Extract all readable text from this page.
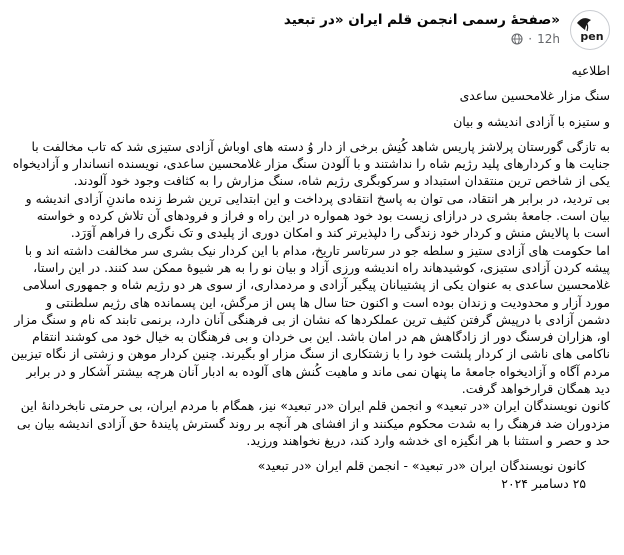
pen
«صفحهٔ رسمی انجمن قلم ایران «در تبعید
12h
·

اطلاعیه

سنگ مزار غلامحسین ساعدی

و ستیزه با آزادی اندیشه و بیان

به تازگی گورستان پرلاشز پاریس شاهد کُنِش برخی از دار وُ دسته های اوباش آزادی ستیزی شد که تاب مخالفت با جنایت ها و کردارهای پلید رژیم شاه را نداشتند و با آلودن سنگ مزار غلامحسین ساعدی، نویسنده انساندار و آزادیخواه یکی از شاخص ترین منتقدان استبداد و سرکوبگری رژیم شاه، سنگ مزارش را به کثافت وجود خود آلودند.

بی تردید، در برابر هر انتقاد، می توان به پاسخ انتقادی پرداخت و این ابتدایی ترین شرط زنده ماندنِ آزادی اندیشه و بیان است. جامعهٔ بشری در درازای زیست بود خود همواره در این راه و فراز و فرودهای آن تلاش کرده و خواسته است با پالایش منش و کردار خود زندگی را دلپذیرتر کند و امکان دوری از پلیدی و تک نگری را فراهم آوَرَد.

اما حکومت های آزادی ستیز و سلطه جو در سرتاسر تاریخ، مدام با این کردار نیک بشری سر مخالفت داشته اند و با پیشه کردن آزادی ستیزی، کوشیدهاند راه اندیشه ورزی آزاد و بیان نو را به هر شیوهٔ ممکن سد کنند. در این راستا، غلامحسین ساعدی به عنوان یکی از پشتیبانان پیگیر آزادی و مردمداری، از سوی هر دو رژیم شاه و جمهوری اسلامی مورد آزار و محدودیت و زندان بوده است و اکنون حتا سال ها پس از مرگش، این پسمانده های رژیم سلطنتی و دشمن آزادی با درپیش گرفتن کثیف ترین عملکردها که نشان از بی فرهنگی آنان دارد، برنمی تابند که نام و سنگ مزار او، هزاران فرسنگ دور از زادگاهش هم در امان باشد. این بی خردان و بی فرهنگان به خیال خود می کوشند انتقام ناکامی های ناشی از کردار پلشت خود را با زشتکاری از سنگ مزار او بگیرند. چنین کردار موهن و زشتی از نگاه تیزبین مردم آگاه و آزادیخواه جامعهٔ ما پنهان نمی ماند و ماهیت کُنش های آلوده به ادبار آنان هرچه بیشتر آشکار و در برابر دید همگان قرارخواهد گرفت.

کانون نویسندگان ایران «در تبعید» و انجمن قلم ایران «در تبعید» نیز، همگام با مردم ایران، بی حرمتی نابخردانهٔ این مزدوران ضد فرهنگ را به شدت محکوم میکنند و از افشای هر آنچه بر روند گسترش پایندهٔ حق آزادی اندیشه بیان بی حد و حصر و استثنا با هر انگیزه ای خدشه وارد کند، دریغ نخواهند ورزید.

کانون نویسندگان ایران «در تبعید» - انجمن قلم ایران «در تبعید»

۲۵ دسامبر ۲۰۲۴
